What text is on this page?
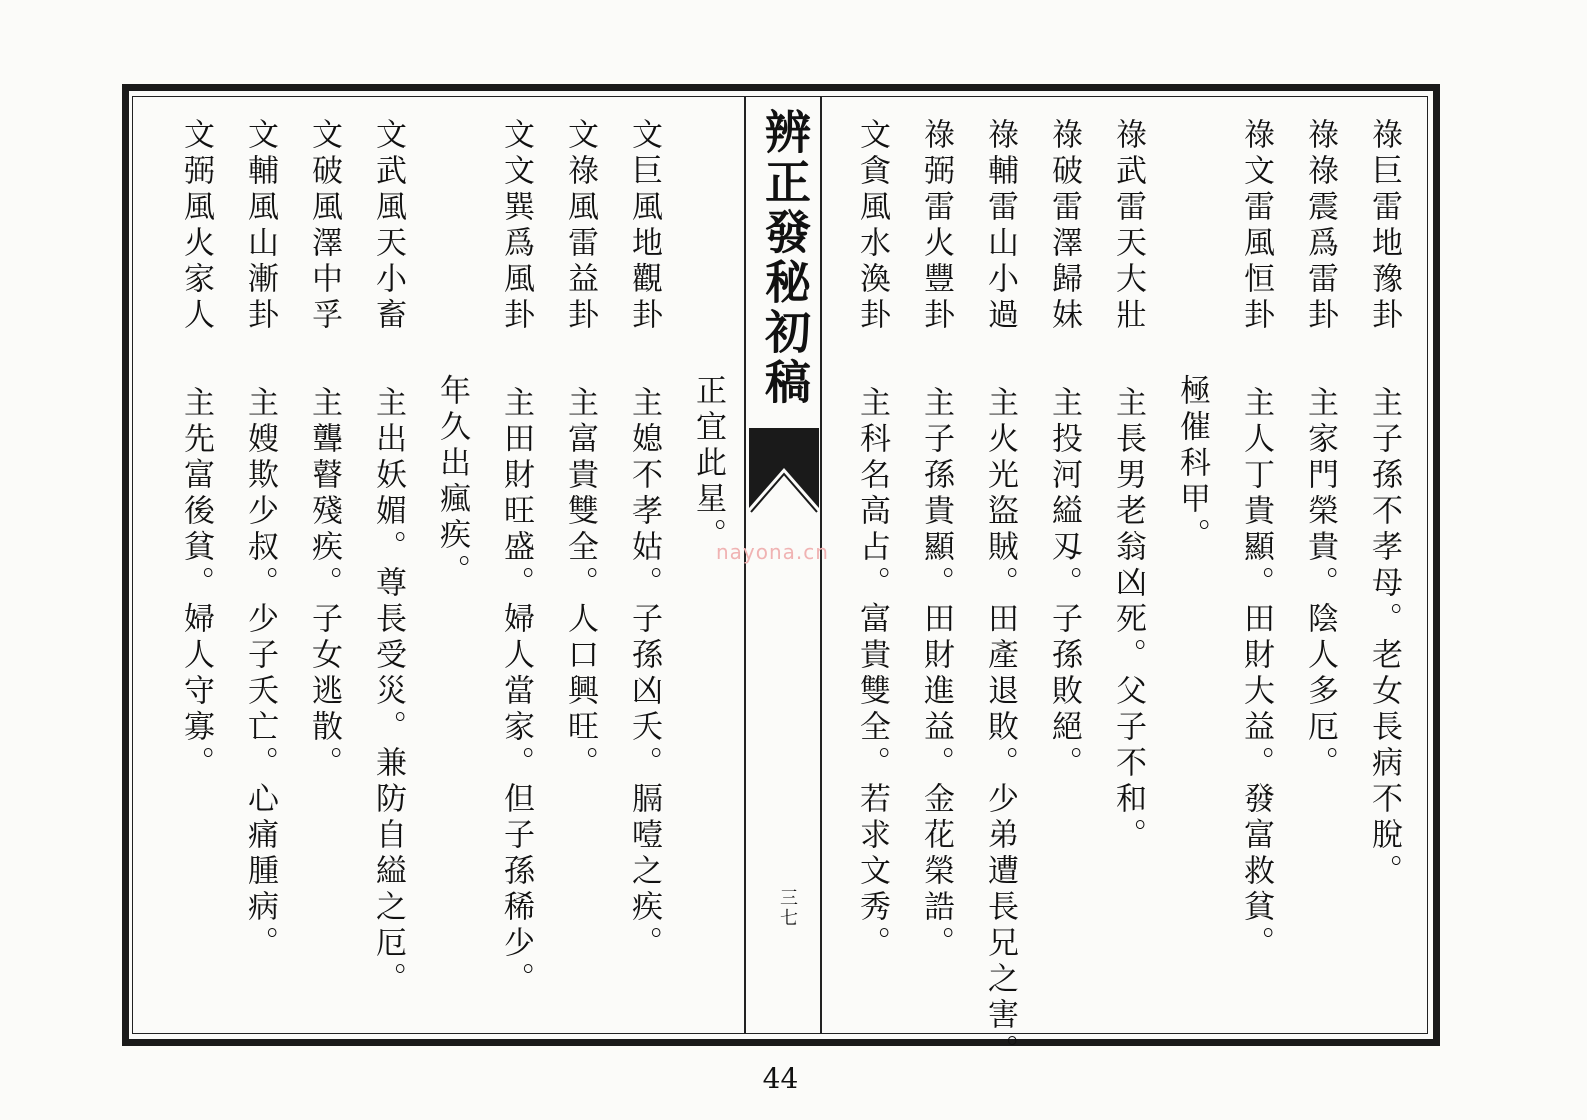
辨正發秘初稿
三七
nayona.cn
祿巨雷地豫卦主子孫不孝母。老女長病不脫。
祿祿震爲雷卦主家門榮貴。陰人多厄。
祿文雷風恒卦主人丁貴顯。田財大益。發富救貧。
極催科甲。
祿武雷天大壯主長男老翁凶死。父子不和。
祿破雷澤歸妹主投河縊刄。子孫敗絕。
祿輔雷山小過主火光盜賊。田產退敗。少弟遭長兄之害。
祿弼雷火豐卦主子孫貴顯。田財進益。金花榮誥。
文貪風水渙卦主科名高占。富貴雙全。若求文秀。
正宜此星。
文巨風地觀卦主媳不孝姑。子孫凶夭。膈噎之疾。
文祿風雷益卦主富貴雙全。人口興旺。
文文巽爲風卦主田財旺盛。婦人當家。但子孫稀少。
年久出瘋疾。
文武風天小畜主出妖媚。尊長受災。兼防自縊之厄。
文破風澤中孚主聾瞽殘疾。子女逃散。
文輔風山漸卦主嫂欺少叔。少子夭亡。心痛腫病。
文弼風火家人主先富後貧。婦人守寡。
44
